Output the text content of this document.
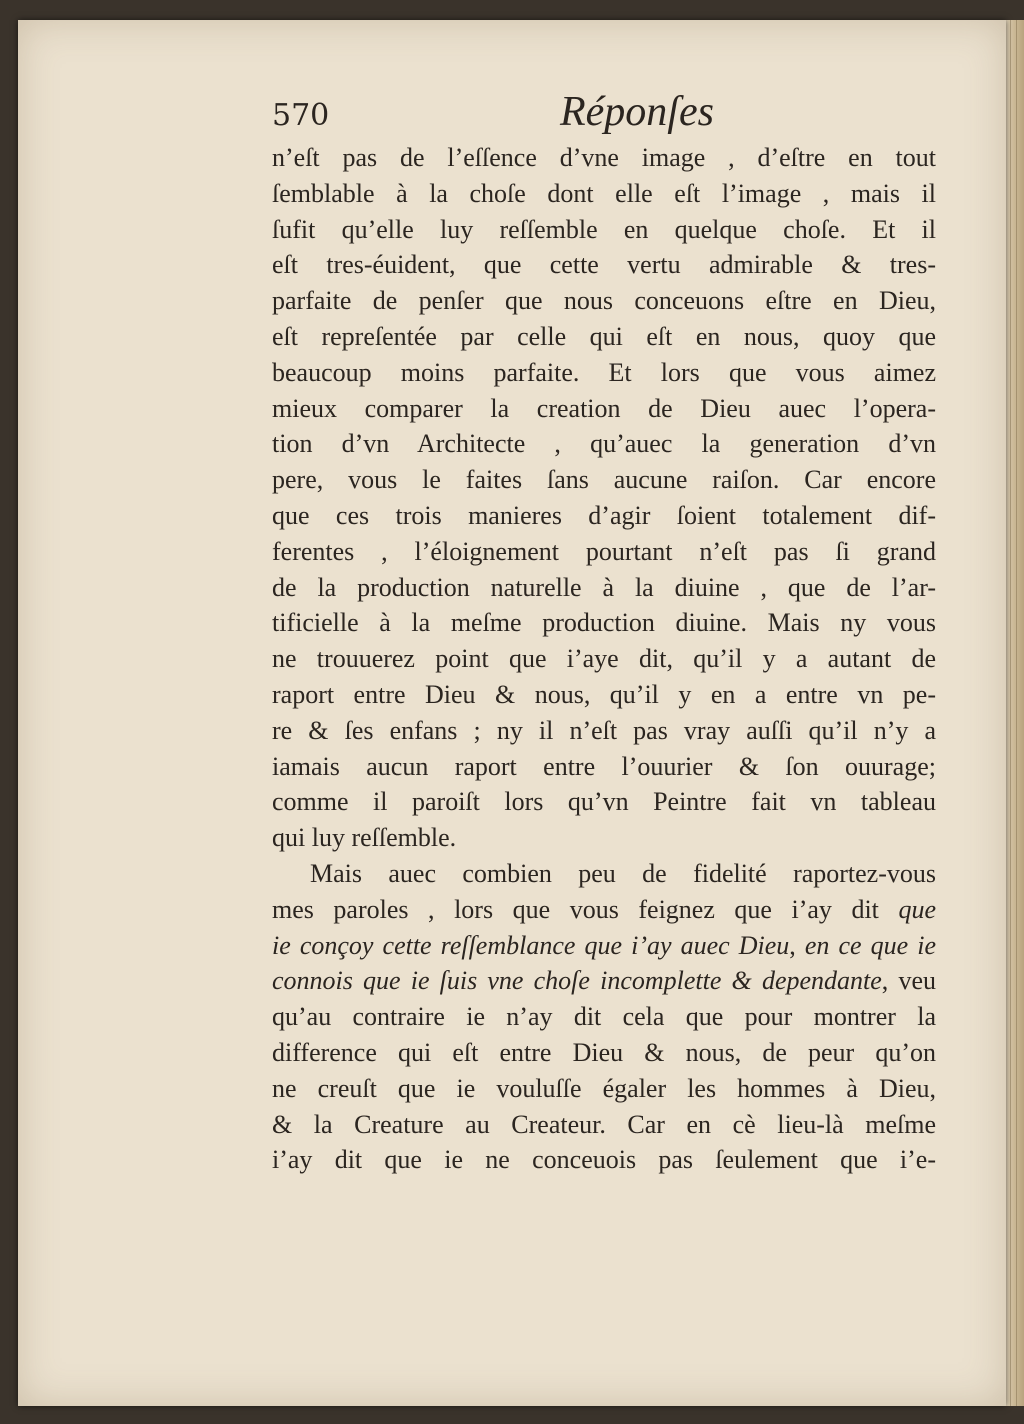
570	Réponſes
n’eſt pas de l’eſſence d’vne image , d’eſtre en tout
ſemblable à la choſe dont elle eſt l’image , mais il
ſufit qu’elle luy reſſemble en quelque choſe. Et il
eſt tres-éuident, que cette vertu admirable & tres-
parfaite de penſer que nous conceuons eſtre en Dieu,
eſt repreſentée par celle qui eſt en nous, quoy que
beaucoup moins parfaite. Et lors que vous aimez
mieux comparer la creation de Dieu auec l’opera-
tion d’vn Architecte , qu’auec la generation d’vn
pere, vous le faites ſans aucune raiſon. Car encore
que ces trois manieres d’agir ſoient totalement dif-
ferentes , l’éloignement pourtant n’eſt pas ſi grand
de la production naturelle à la diuine , que de l’ar-
tificielle à la meſme production diuine. Mais ny vous
ne trouuerez point que i’aye dit, qu’il y a autant de
raport entre Dieu & nous, qu’il y en a entre vn pe-
re & ſes enfans ; ny il n’eſt pas vray auſſi qu’il n’y a
iamais aucun raport entre l’ouurier & ſon ouurage;
comme il paroiſt lors qu’vn Peintre fait vn tableau
qui luy reſſemble.
Mais auec combien peu de fidelité raportez-vous
mes paroles , lors que vous feignez que i’ay dit que
ie conçoy cette reſſemblance que i’ay auec Dieu, en ce que ie
connois que ie ſuis vne choſe incomplette & dependante, veu
qu’au contraire ie n’ay dit cela que pour montrer la
difference qui eſt entre Dieu & nous, de peur qu’on
ne creuſt que ie vouluſſe égaler les hommes à Dieu,
& la Creature au Createur. Car en cè lieu-là meſme
i’ay dit que ie ne conceuois pas ſeulement que i’e-
